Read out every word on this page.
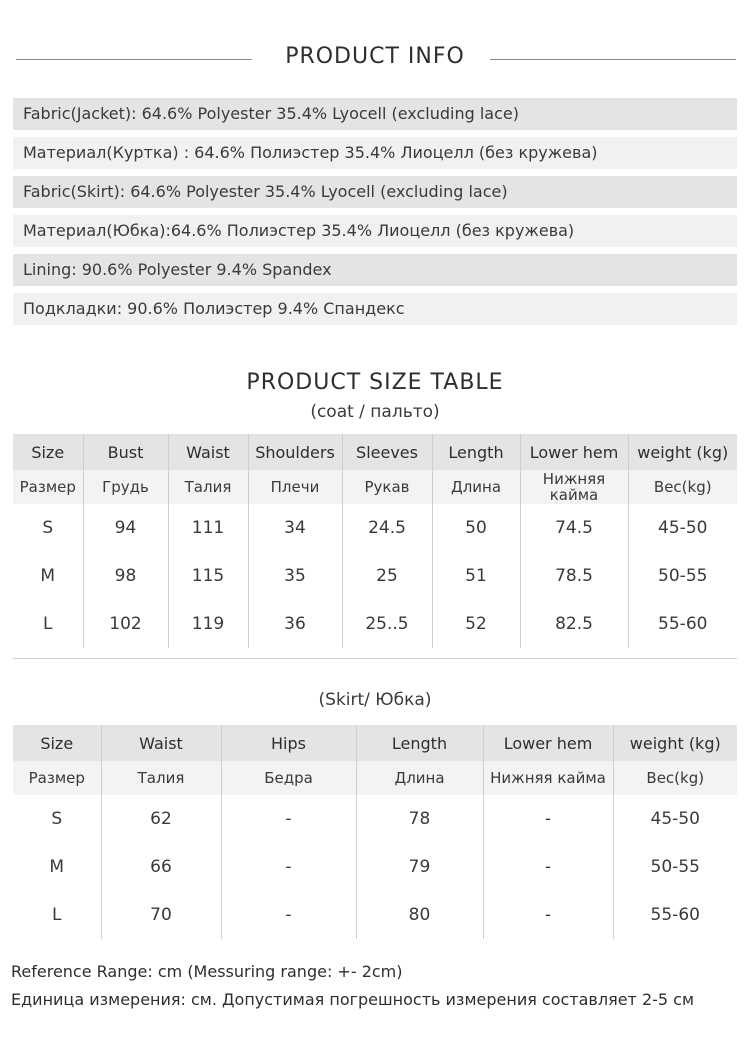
PRODUCT INFO
Fabric(Jacket): 64.6% Polyester 35.4% Lyocell (excluding lace)
Материал(Куртка) : 64.6% Полиэстер 35.4% Лиоцелл (без кружева)
Fabric(Skirt): 64.6% Polyester 35.4% Lyocell (excluding lace)
Материал(Юбка):64.6% Полиэстер 35.4% Лиоцелл (без кружева)
Lining: 90.6% Polyester 9.4% Spandex
Подкладки: 90.6% Полиэстер 9.4% Спандекс
PRODUCT SIZE TABLE
(coat / пальто)
Size	Bust	Waist	Shoulders	Sleeves	Length	Lower hem	weight (kg)
Размер	Грудь	Талия	Плечи	Рукав	Длина	Нижняя кайма	Вес(kg)
S	94	111	34	24.5	50	74.5	45-50
M	98	115	35	25	51	78.5	50-55
L	102	119	36	25..5	52	82.5	55-60
(Skirt/ Юбка)
Size	Waist	Hips	Length	Lower hem	weight (kg)
Размер	Талия	Бедра	Длина	Нижняя кайма	Вес(kg)
S	62	-	78	-	45-50
M	66	-	79	-	50-55
L	70	-	80	-	55-60
Reference Range: cm (Messuring range: +- 2cm)
Единица измерения: см. Допустимая погрешность измерения составляет 2-5 см
